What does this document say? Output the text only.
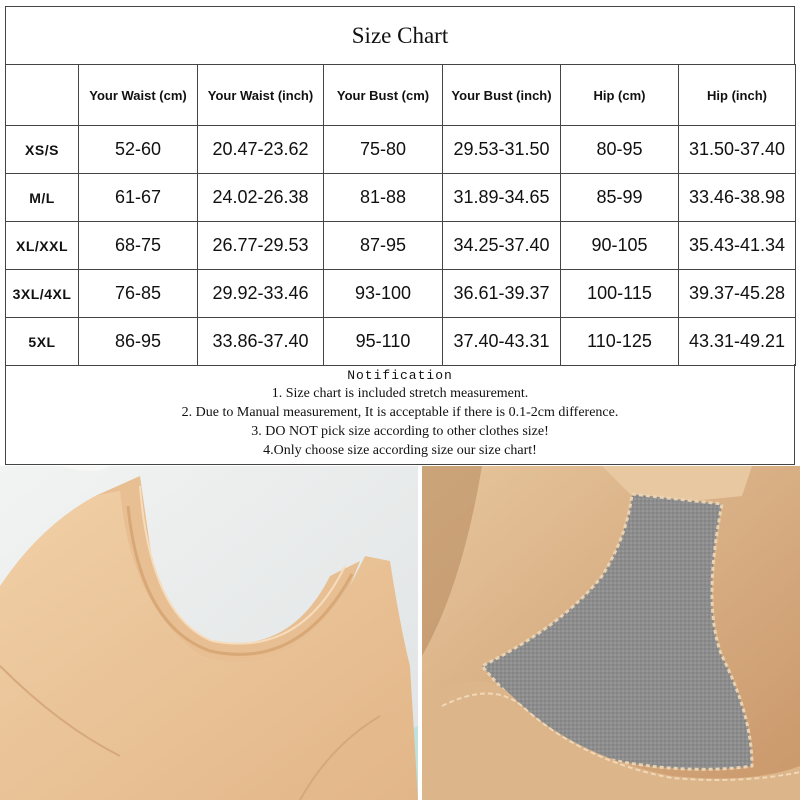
Size Chart
	Your Waist (cm)	Your Waist (inch)	Your Bust (cm)	Your Bust (inch)	Hip (cm)	Hip (inch)
XS/S	52-60	20.47-23.62	75-80	29.53-31.50	80-95	31.50-37.40
M/L	61-67	24.02-26.38	81-88	31.89-34.65	85-99	33.46-38.98
XL/XXL	68-75	26.77-29.53	87-95	34.25-37.40	90-105	35.43-41.34
3XL/4XL	76-85	29.92-33.46	93-100	36.61-39.37	100-115	39.37-45.28
5XL	86-95	33.86-37.40	95-110	37.40-43.31	110-125	43.31-49.21
Notification
1. Size chart is included stretch measurement.
2. Due to Manual measurement, It is acceptable if there is 0.1-2cm difference.
3. DO NOT pick size according to other clothes size!
4.Only choose size according size our size chart!
